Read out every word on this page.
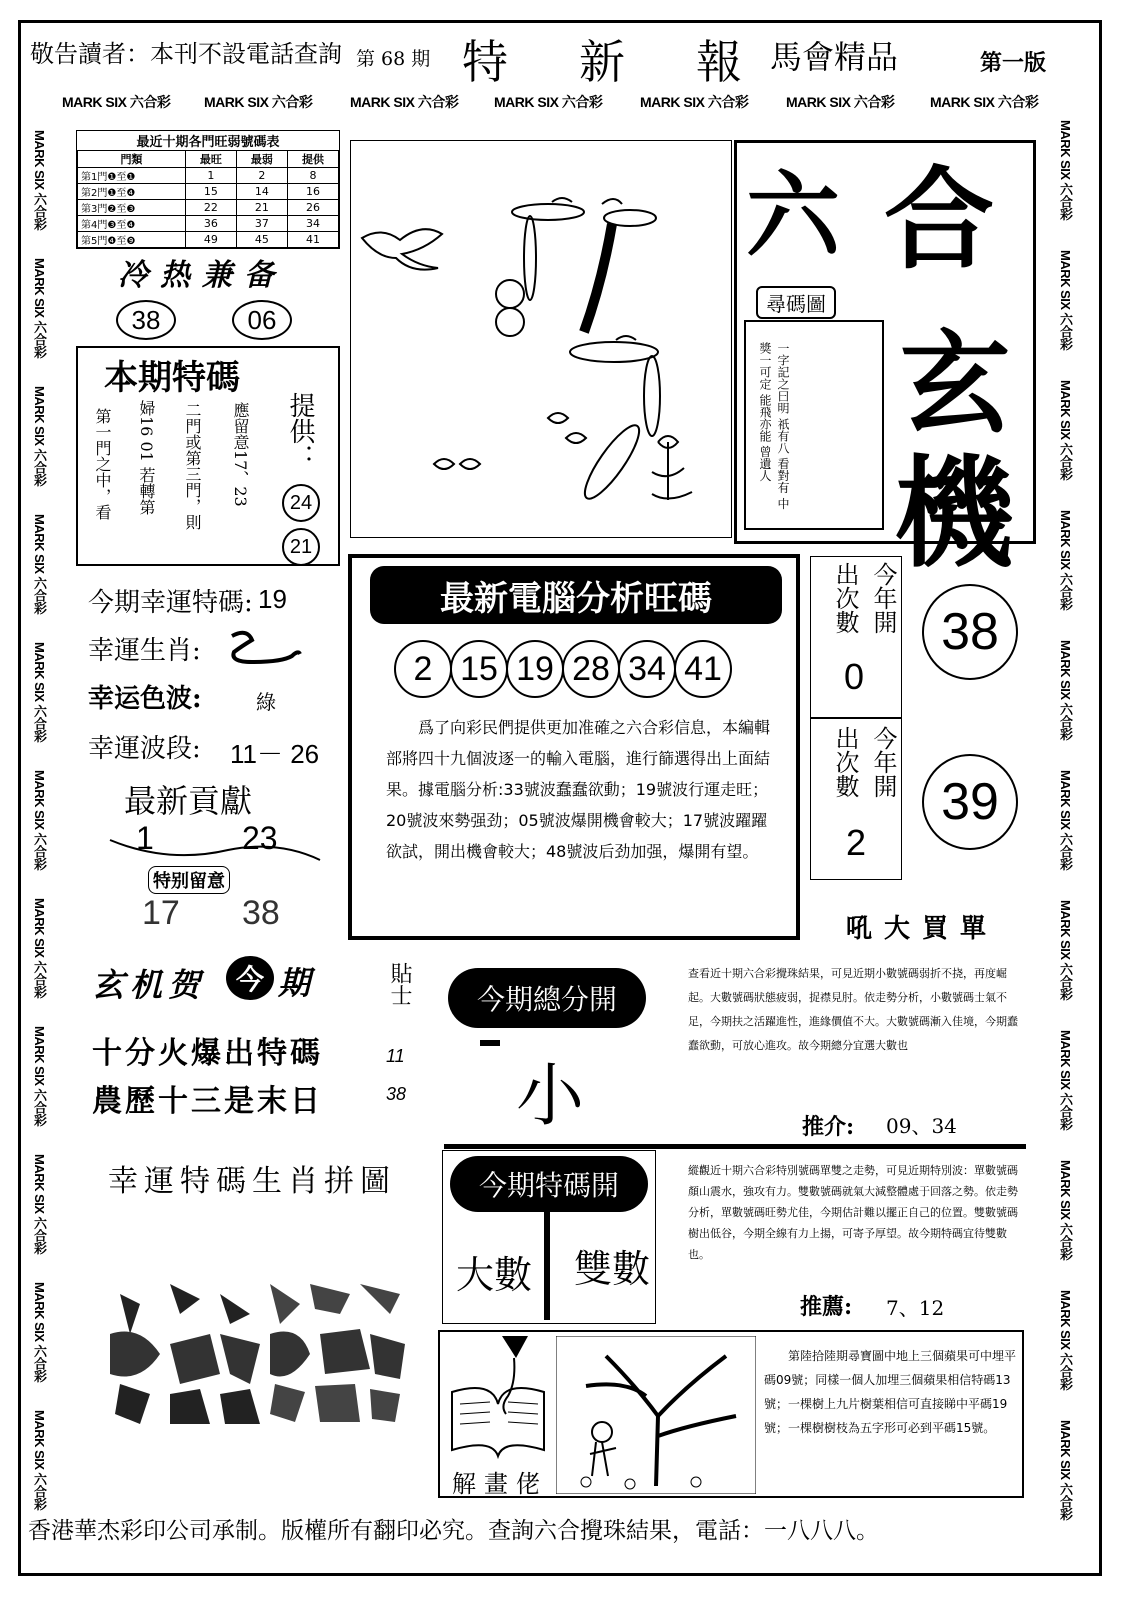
敬告讀者：本刊不設電話查詢 第 68 期 特 新 報 馬會精品	第一版
MARK SIX 六合彩 MARK SIX 六合彩	MARK SIX 六合彩	MARK SIX 六合彩	MARK SIX 六合彩	MARK SIX 六合彩	MARK SIX 六合彩
MARK SIX 六合彩
MARK SIX 六合彩
MARK SIX 六合彩
MARK SIX 六合彩
MARK SIX 六合彩
MARK SIX 六合彩
MARK SIX 六合彩
MARK SIX 六合彩
MARK SIX 六合彩
MARK SIX 六合彩
MARK SIX 六合彩
MARK SIX 六合彩
MARK SIX 六合彩
MARK SIX 六合彩
MARK SIX 六合彩
MARK SIX 六合彩
MARK SIX 六合彩
MARK SIX 六合彩
MARK SIX 六合彩
MARK SIX 六合彩
MARK SIX 六合彩
MARK SIX 六合彩
最近十期各門旺弱號碼表
門類	最旺	最弱	提供
第1門❶至❶	1	2	8
第2門❶至❹	15	14	16
第3門❷至❸	22	21	26
第4門❸至❹	36	37	34
第5門❹至❾	49	45	41
冷热兼备
38	06
本期特碼
提供：
24
21
第一門之中，看 婦16 01 若轉第 二門或第三門，則 應留意17、23
今期幸運特碼: 19
幸運生肖:
幸运色波:	綠
幸運波段: 11－ 26
最新貢獻
1	23
特别留意
17 38
玄机贺	今 期
十分火爆出特碼
農歷十三是末日
貼士
11
38
幸運特碼生肖拼圖
六 合
玄
機
尋碼圖
一字記之曰明 祇有八 看對有 中獎一可定 能飛亦能 曾遺人
最新電腦分析旺碼
2 15 19 28 34 41
爲了向彩民們提供更加准確之六合彩信息，本編輯部將四十九個波逐一的輸入電腦，進行篩選得出上面結果。據電腦分析:33號波蠢蠢欲動；19號波行運走旺；20號波來勢强劲；05號波爆開機會較大；17號波躍躍欲試，開出機會較大；48號波后劲加强，爆開有望。
今年開
出次數
0
38
今年開
出次數
2
39
吼大買單
今期總分開
小
查看近十期六合彩攪珠結果，可見近期小數號碼弱折不挠，再度崛起。大數號碼狀態疲弱，捉襟見肘。依走勢分析，小數號碼士氣不足，今期扶之活躍進性，進緣價值不大。大數號碼漸入佳境，今期蠢蠢欲動，可放心進攻。故今期總分宜選大數也
推介: 09、34
今期特碼開
大數 雙數
縱觀近十期六合彩特別號碼單雙之走勢，可見近期特別波：單數號碼顏山震水，強攻有力。雙數號碼就氣大減整體處于回落之勢。依走勢分析，單數號碼旺勢尤佳，今期估計難以擺正自己的位置。雙數號碼樹出低谷，今期全線有力上揚，可寄予厚望。故今期特碼宜待雙數也。
推薦: 7、12
解畫佬
第陸拾陸期尋寶圖中地上三個蘋果可中埋平碼09號；同樣一個人加埋三個蘋果相信特碼13號；一棵樹上九片樹葉相信可直接睇中平碼19號；一棵樹樹枝為五字形可必到平碼15號。
香港華杰彩印公司承制。版權所有翻印必究。查詢六合攪珠結果，電話：一八八八。
